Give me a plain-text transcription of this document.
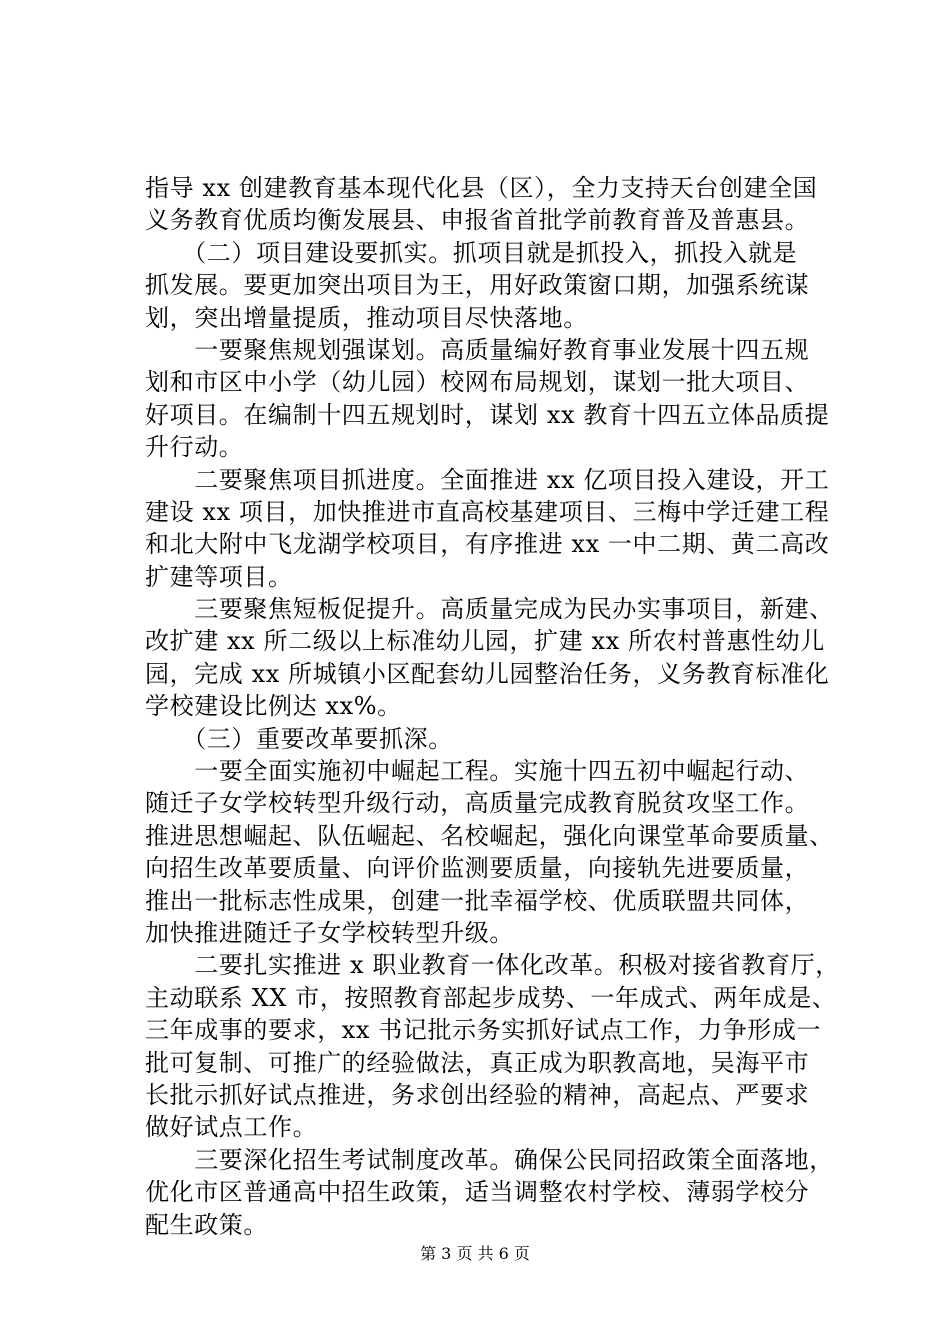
指导 xx 创建教育基本现代化县（区），全力支持天台创建全国
义务教育优质均衡发展县、申报省首批学前教育普及普惠县。
　　（二）项目建设要抓实。抓项目就是抓投入，抓投入就是
抓发展。要更加突出项目为王，用好政策窗口期，加强系统谋
划，突出增量提质，推动项目尽快落地。
　　一要聚焦规划强谋划。高质量编好教育事业发展十四五规
划和市区中小学（幼儿园）校网布局规划，谋划一批大项目、
好项目。在编制十四五规划时，谋划 xx 教育十四五立体品质提
升行动。
　　二要聚焦项目抓进度。全面推进 xx 亿项目投入建设，开工
建设 xx 项目，加快推进市直高校基建项目、三梅中学迁建工程
和北大附中飞龙湖学校项目，有序推进 xx 一中二期、黄二高改
扩建等项目。
　　三要聚焦短板促提升。高质量完成为民办实事项目，新建、
改扩建 xx 所二级以上标准幼儿园，扩建 xx 所农村普惠性幼儿
园，完成 xx 所城镇小区配套幼儿园整治任务，义务教育标准化
学校建设比例达 xx%。
　　（三）重要改革要抓深。
　　一要全面实施初中崛起工程。实施十四五初中崛起行动、
随迁子女学校转型升级行动，高质量完成教育脱贫攻坚工作。
推进思想崛起、队伍崛起、名校崛起，强化向课堂革命要质量、
向招生改革要质量、向评价监测要质量，向接轨先进要质量，
推出一批标志性成果，创建一批幸福学校、优质联盟共同体，
加快推进随迁子女学校转型升级。
　　二要扎实推进 x 职业教育一体化改革。积极对接省教育厅，
主动联系 XX 市，按照教育部起步成势、一年成式、两年成是、
三年成事的要求，xx 书记批示务实抓好试点工作，力争形成一
批可复制、可推广的经验做法，真正成为职教高地，吴海平市
长批示抓好试点推进，务求创出经验的精神，高起点、严要求
做好试点工作。
　　三要深化招生考试制度改革。确保公民同招政策全面落地，
优化市区普通高中招生政策，适当调整农村学校、薄弱学校分
配生政策。
第 3 页 共 6 页
